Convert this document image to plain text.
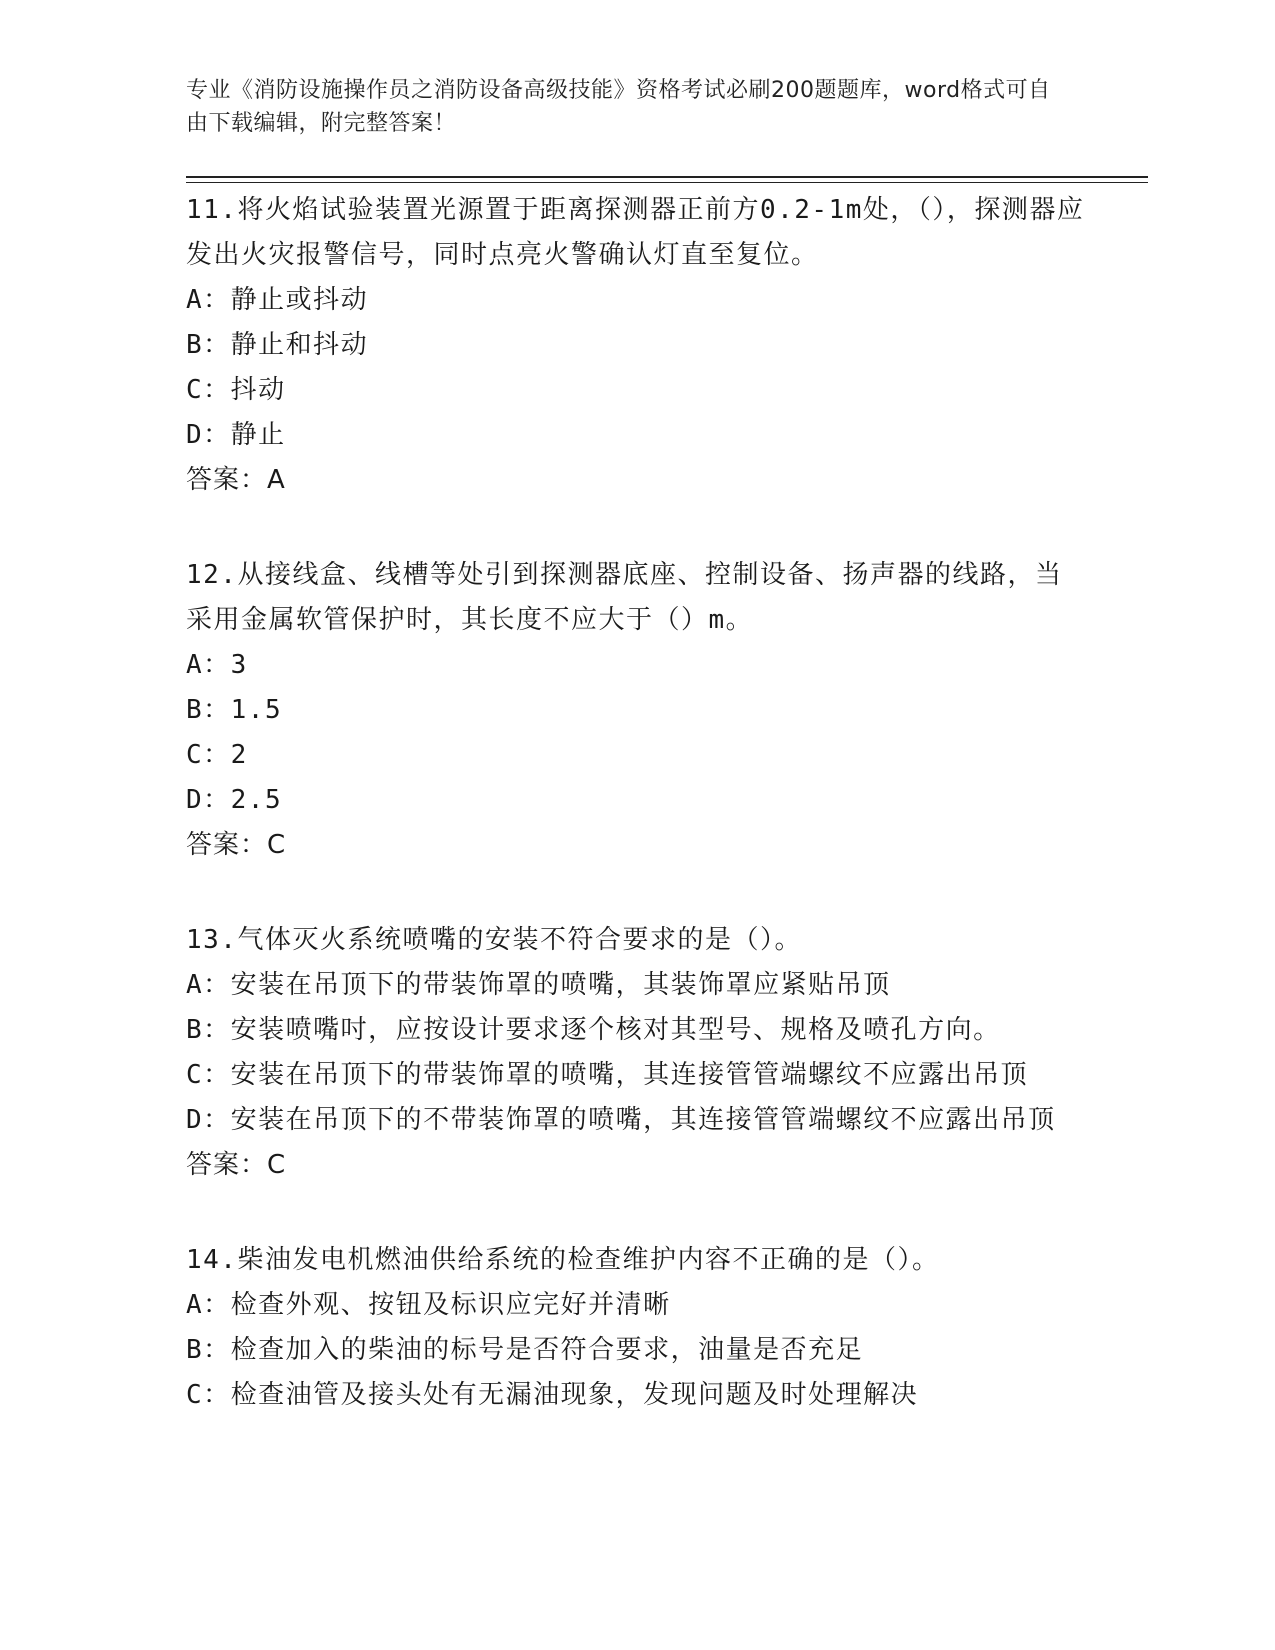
专业《消防设施操作员之消防设备高级技能》资格考试必刷200题题库，word格式可自由下载编辑，附完整答案！

11.将火焰试验装置光源置于距离探测器正前方0.2-1m处，（），探测器应发出火灾报警信号，同时点亮火警确认灯直至复位。

A：静止或抖动

B：静止和抖动

C：抖动

D：静止

答案：A

12.从接线盒、线槽等处引到探测器底座、控制设备、扬声器的线路，当采用金属软管保护时，其长度不应大于（）m。

A：3

B：1.5

C：2

D：2.5

答案：C

13.气体灭火系统喷嘴的安装不符合要求的是（）。

A：安装在吊顶下的带装饰罩的喷嘴，其装饰罩应紧贴吊顶

B：安装喷嘴吋，应按设计要求逐个核对其型号、规格及喷孔方向。

C：安装在吊顶下的带装饰罩的喷嘴，其连接管管端螺纹不应露出吊顶

D：安装在吊顶下的不带装饰罩的喷嘴，其连接管管端螺纹不应露出吊顶

答案：C

14.柴油发电机燃油供给系统的检查维护内容不正确的是（）。

A：检查外观、按钮及标识应完好并清晰

B：检查加入的柴油的标号是否符合要求，油量是否充足

C：检查油管及接头处有无漏油现象，发现问题及时处理解决
